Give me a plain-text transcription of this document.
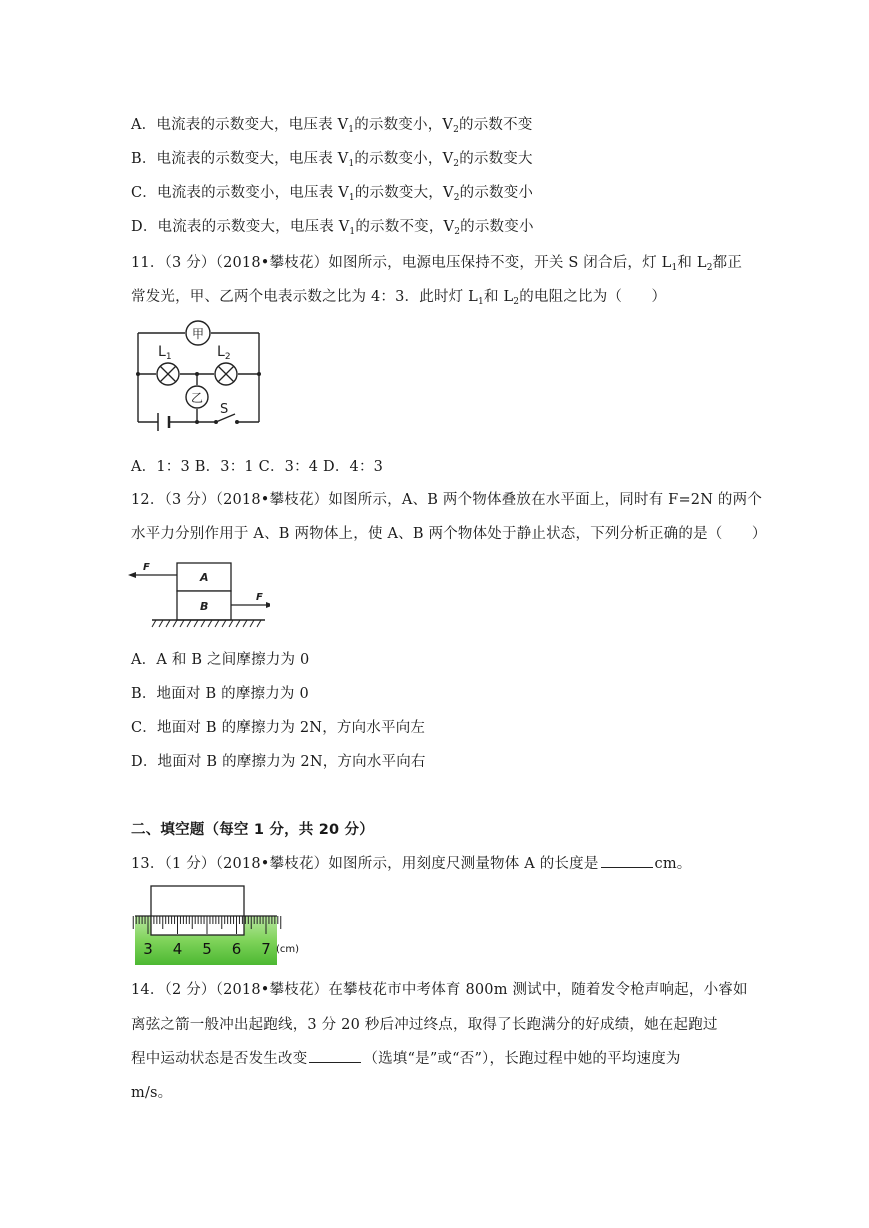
A．电流表的示数变大，电压表 $V_1$的示数变小，$V_2$的示数不变
B．电流表的示数变大，电压表 $V_1$的示数变小，$V_2$的示数变大
C．电流表的示数变小，电压表 $V_1$的示数变大，$V_2$的示数变小
D．电流表的示数变大，电压表 $V_1$的示数不变，$V_2$的示数变小
11．（3 分）（2018•攀枝花）如图所示，电源电压保持不变，开关 S 闭合后，灯 $L_1$和 $L_2$都正
常发光，甲、乙两个电表示数之比为 4：3．此时灯 $L_1$和 $L_2$的电阻之比为（　　）
甲
$L_1$	$L_2$
乙
S
A．1：3 B．3：1 C．3：4 D．4：3
12．（3 分）（2018•攀枝花）如图所示，A、B 两个物体叠放在水平面上，同时有 F=2N 的两个
水平力分别作用于 A、B 两物体上，使 A、B 两个物体处于静止状态，下列分析正确的是（　　）
A
B
F
F
A．A 和 B 之间摩擦力为 0
B．地面对 B 的摩擦力为 0
C．地面对 B 的摩擦力为 2N，方向水平向左
D．地面对 B 的摩擦力为 2N，方向水平向右
二、填空题（每空 1 分，共 20 分）
13．（1 分）（2018•攀枝花）如图所示，用刻度尺测量物体 A 的长度是	cm。
3 4 5 6 7 (cm)
14．（2 分）（2018•攀枝花）在攀枝花市中考体育 800m 测试中，随着发令枪声响起，小睿如
离弦之箭一般冲出起跑线，3 分 20 秒后冲过终点，取得了长跑满分的好成绩，她在起跑过
程中运动状态是否发生改变	（选填“是”或“否”），长跑过程中她的平均速度为
m/s。
